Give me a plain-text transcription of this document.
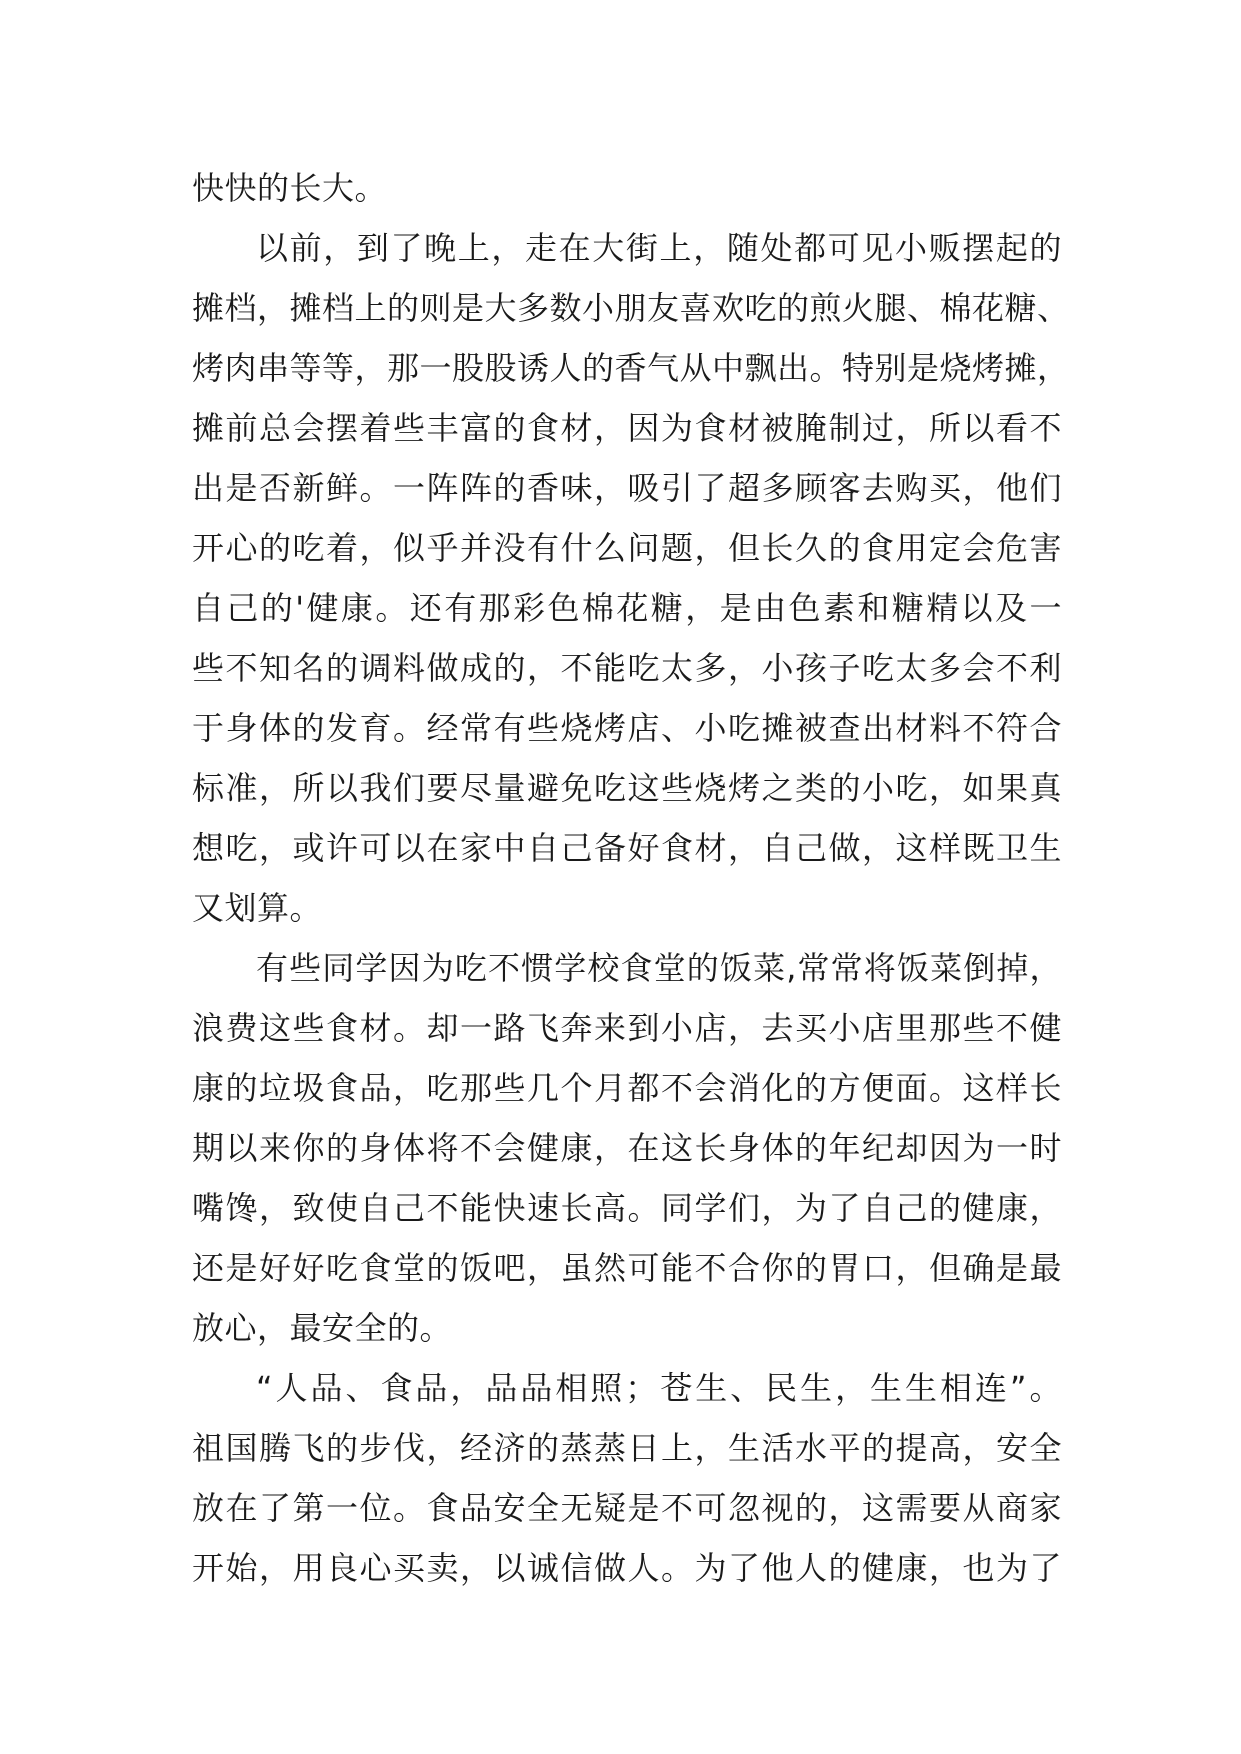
快快的长大。
以前，到了晚上，走在大街上，随处都可见小贩摆起的
摊档，摊档上的则是大多数小朋友喜欢吃的煎火腿、棉花糖、
烤肉串等等，那一股股诱人的香气从中飘出。特别是烧烤摊，
摊前总会摆着些丰富的食材，因为食材被腌制过，所以看不
出是否新鲜。一阵阵的香味，吸引了超多顾客去购买，他们
开心的吃着，似乎并没有什么问题，但长久的食用定会危害
自己的'健康。还有那彩色棉花糖，是由色素和糖精以及一
些不知名的调料做成的，不能吃太多，小孩子吃太多会不利
于身体的发育。经常有些烧烤店、小吃摊被查出材料不符合
标准，所以我们要尽量避免吃这些烧烤之类的小吃，如果真
想吃，或许可以在家中自己备好食材，自己做，这样既卫生
又划算。
有些同学因为吃不惯学校食堂的饭菜,常常将饭菜倒掉，
浪费这些食材。却一路飞奔来到小店，去买小店里那些不健
康的垃圾食品，吃那些几个月都不会消化的方便面。这样长
期以来你的身体将不会健康，在这长身体的年纪却因为一时
嘴馋，致使自己不能快速长高。同学们，为了自己的健康，
还是好好吃食堂的饭吧，虽然可能不合你的胃口，但确是最
放心，最安全的。
“人品、食品，品品相照；苍生、民生，生生相连”。
祖国腾飞的步伐，经济的蒸蒸日上，生活水平的提高，安全
放在了第一位。食品安全无疑是不可忽视的，这需要从商家
开始，用良心买卖，以诚信做人。为了他人的健康，也为了
